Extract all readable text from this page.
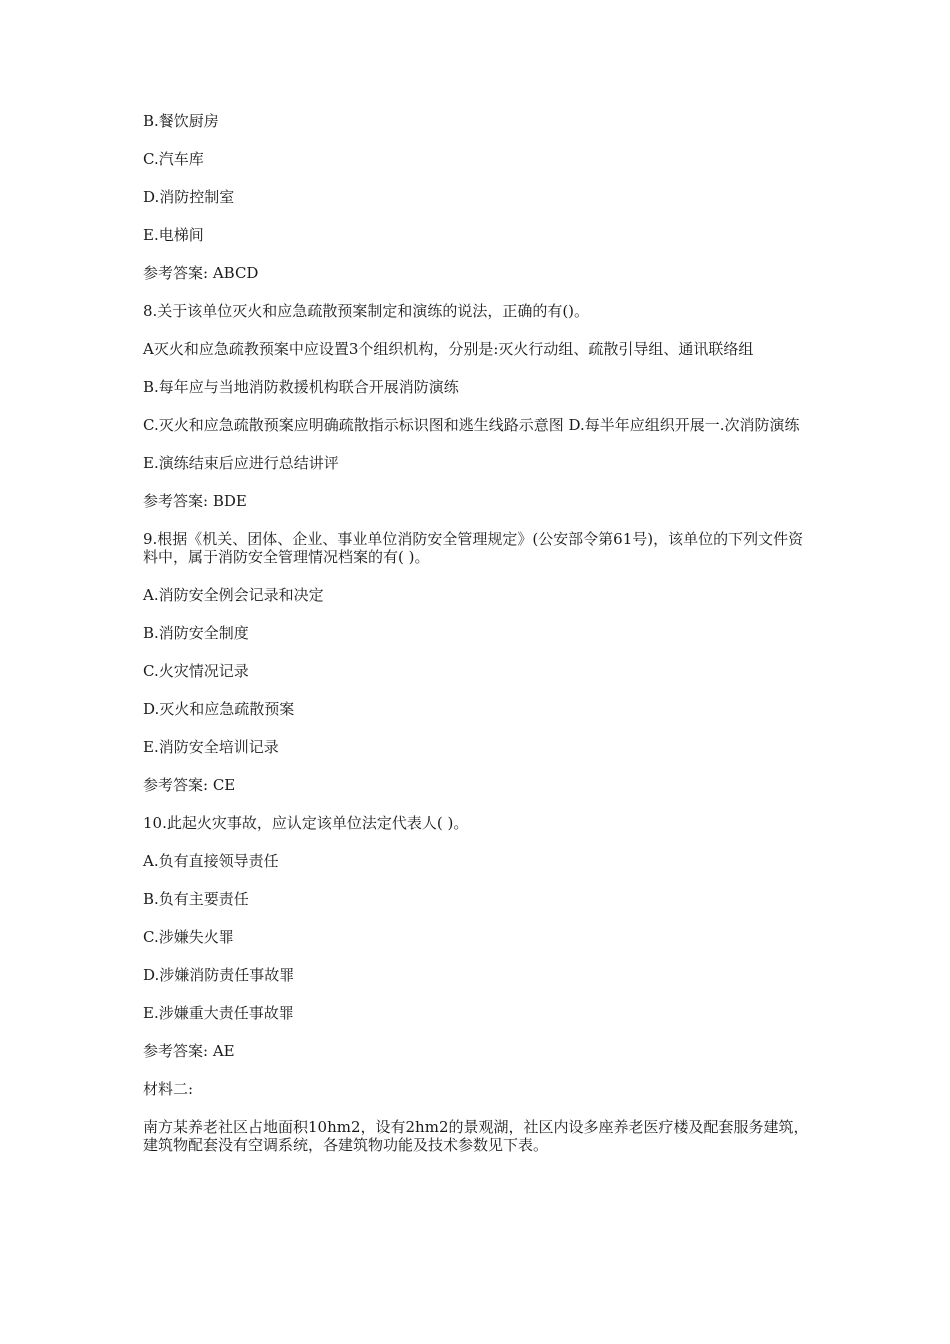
B.餐饮厨房

C.汽车库

D.消防控制室

E.电梯间

参考答案: ABCD

8.关于该单位灭火和应急疏散预案制定和演练的说法，正确的有()。

A灭火和应急疏教预案中应设置3个组织机构，分别是:灭火行动组、疏散引导组、通讯联络组

B.每年应与当地消防救援机构联合开展消防演练

C.灭火和应急疏散预案应明确疏散指示标识图和逃生线路示意图 D.每半年应组织开展一.次消防演练

E.演练结束后应进行总结讲评

参考答案: BDE

9.根据《机关、团体、企业、事业单位消防安全管理规定》(公安部令第61号)，该单位的下列文件资料中，属于消防安全管理情况档案的有( )。

A.消防安全例会记录和决定

B.消防安全制度

C.火灾情况记录

D.灭火和应急疏散预案

E.消防安全培训记录

参考答案: CE

10.此起火灾事故，应认定该单位法定代表人( )。

A.负有直接领导责任

B.负有主要责任

C.涉嫌失火罪

D.涉嫌消防责任事故罪

E.涉嫌重大责任事故罪

参考答案: AE

材料二:

南方某养老社区占地面积10hm2，设有2hm2的景观湖，社区内设多座养老医疗楼及配套服务建筑，建筑物配套没有空调系统，各建筑物功能及技术参数见下表。
